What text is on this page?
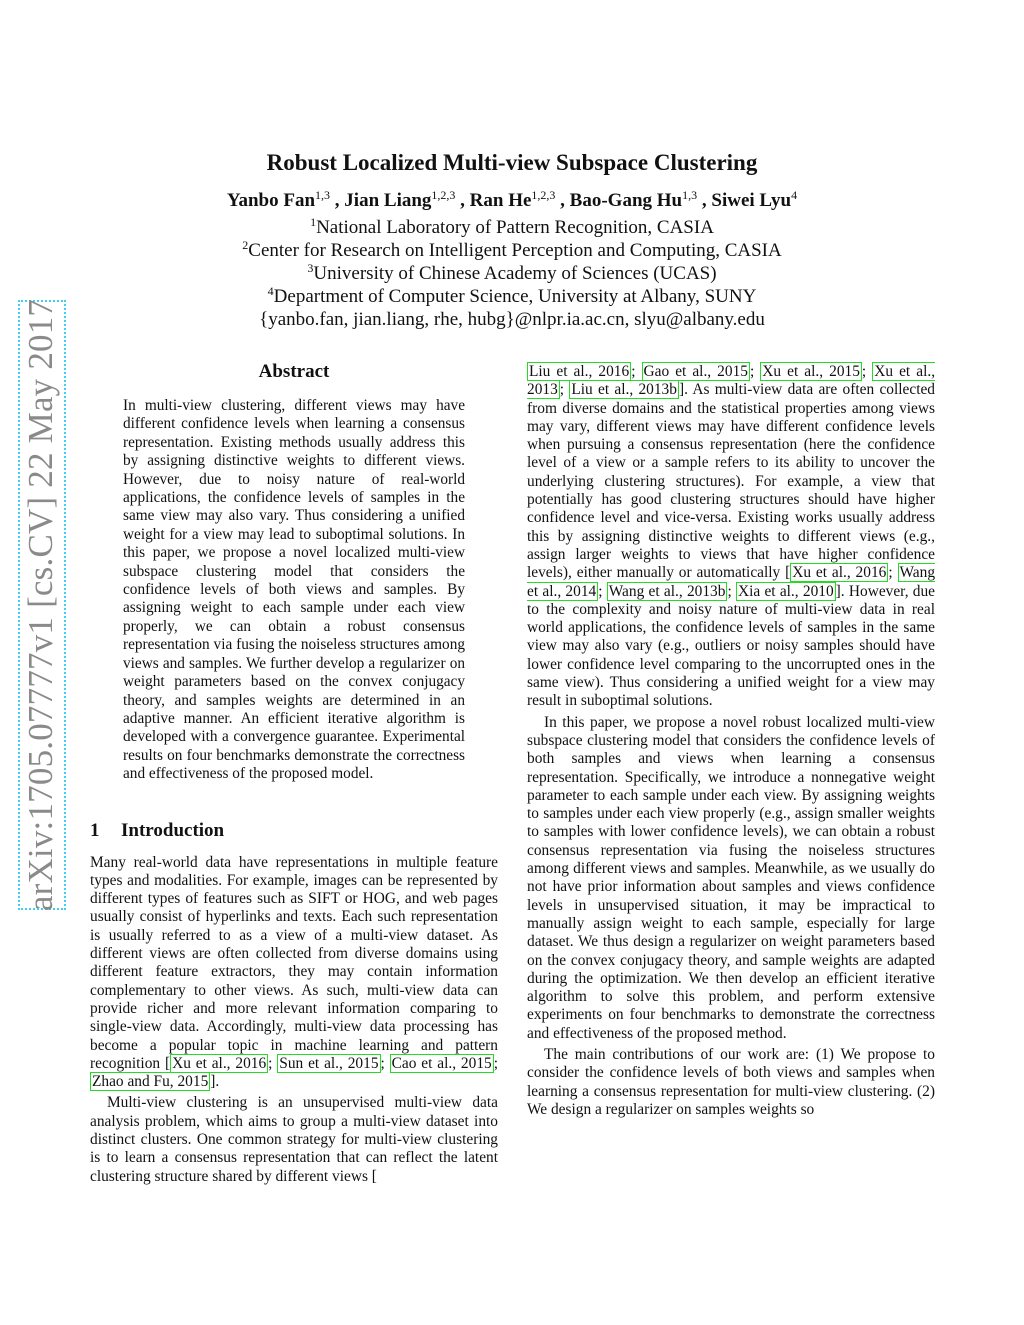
arXiv:1705.07777v1 [cs.CV] 22 May 2017
Robust Localized Multi-view Subspace Clustering
Yanbo Fan$^{1,3}$ , Jian Liang$^{1,2,3}$ , Ran He$^{1,2,3}$ , Bao-Gang Hu$^{1,3}$ , Siwei Lyu$^4$
$^1$National Laboratory of Pattern Recognition, CASIA
$^2$Center for Research on Intelligent Perception and Computing, CASIA
$^3$University of Chinese Academy of Sciences (UCAS)
$^4$Department of Computer Science, University at Albany, SUNY
{yanbo.fan, jian.liang, rhe, hubg}@nlpr.ia.ac.cn, slyu@albany.edu
Abstract

In multi-view clustering, different views may have different confidence levels when learning a consensus representation. Existing methods usually address this by assigning distinctive weights to different views. However, due to noisy nature of real-world applications, the confidence levels of samples in the same view may also vary. Thus considering a unified weight for a view may lead to suboptimal solutions. In this paper, we propose a novel localized multi-view subspace clustering model that considers the confidence levels of both views and samples. By assigning weight to each sample under each view properly, we can obtain a robust consensus representation via fusing the noiseless structures among views and samples. We further develop a regularizer on weight parameters based on the convex conjugacy theory, and samples weights are determined in an adaptive manner. An efficient iterative algorithm is developed with a convergence guarantee. Experimental results on four benchmarks demonstrate the correctness and effectiveness of the proposed model.

1 Introduction

Many real-world data have representations in multiple feature types and modalities. For example, images can be represented by different types of features such as SIFT or HOG, and web pages usually consist of hyperlinks and texts. Each such representation is usually referred to as a view of a multi-view dataset. As different views are often collected from diverse domains using different feature extractors, they may contain information complementary to other views. As such, multi-view data can provide richer and more relevant information comparing to single-view data. Accordingly, multi-view data processing has become a popular topic in machine learning and pattern recognition [ Xu et al., 2016 ; Sun et al., 2015 ; Cao et al., 2015 ; Zhao and Fu, 2015 ].

Multi-view clustering is an unsupervised multi-view data analysis problem, which aims to group a multi-view dataset into distinct clusters. One common strategy for multi-view clustering is to learn a consensus representation that can reflect the latent clustering structure shared by different views [

Liu et al., 2016 ; Gao et al., 2015 ; Xu et al., 2015 ; Xu et al., 2013 ; Liu et al., 2013b ]. As multi-view data are often collected from diverse domains and the statistical properties among views may vary, different views may have different confidence levels when pursuing a consensus representation (here the confidence level of a view or a sample refers to its ability to uncover the underlying clustering structures). For example, a view that potentially has good clustering structures should have higher confidence level and vice-versa. Existing works usually address this by assigning distinctive weights to different views (e.g., assign larger weights to views that have higher confidence levels), either manually or automatically [ Xu et al., 2016 ; Wang et al., 2014 ; Wang et al., 2013b ; Xia et al., 2010 ]. However, due to the complexity and noisy nature of multi-view data in real world applications, the confidence levels of samples in the same view may also vary (e.g., outliers or noisy samples should have lower confidence level comparing to the uncorrupted ones in the same view). Thus considering a unified weight for a view may result in suboptimal solutions.

In this paper, we propose a novel robust localized multi-view subspace clustering model that considers the confidence levels of both samples and views when learning a consensus representation. Specifically, we introduce a nonnegative weight parameter to each sample under each view. By assigning weights to samples under each view properly (e.g., assign smaller weights to samples with lower confidence levels), we can obtain a robust consensus representation via fusing the noiseless structures among different views and samples. Meanwhile, as we usually do not have prior information about samples and views confidence levels in unsupervised situation, it may be impractical to manually assign weight to each sample, especially for large dataset. We thus design a regularizer on weight parameters based on the convex conjugacy theory, and sample weights are adapted during the optimization. We then develop an efficient iterative algorithm to solve this problem, and perform extensive experiments on four benchmarks to demonstrate the correctness and effectiveness of the proposed method.

The main contributions of our work are: (1) We propose to consider the confidence levels of both views and samples when learning a consensus representation for multi-view clustering. (2) We design a regularizer on samples weights so
